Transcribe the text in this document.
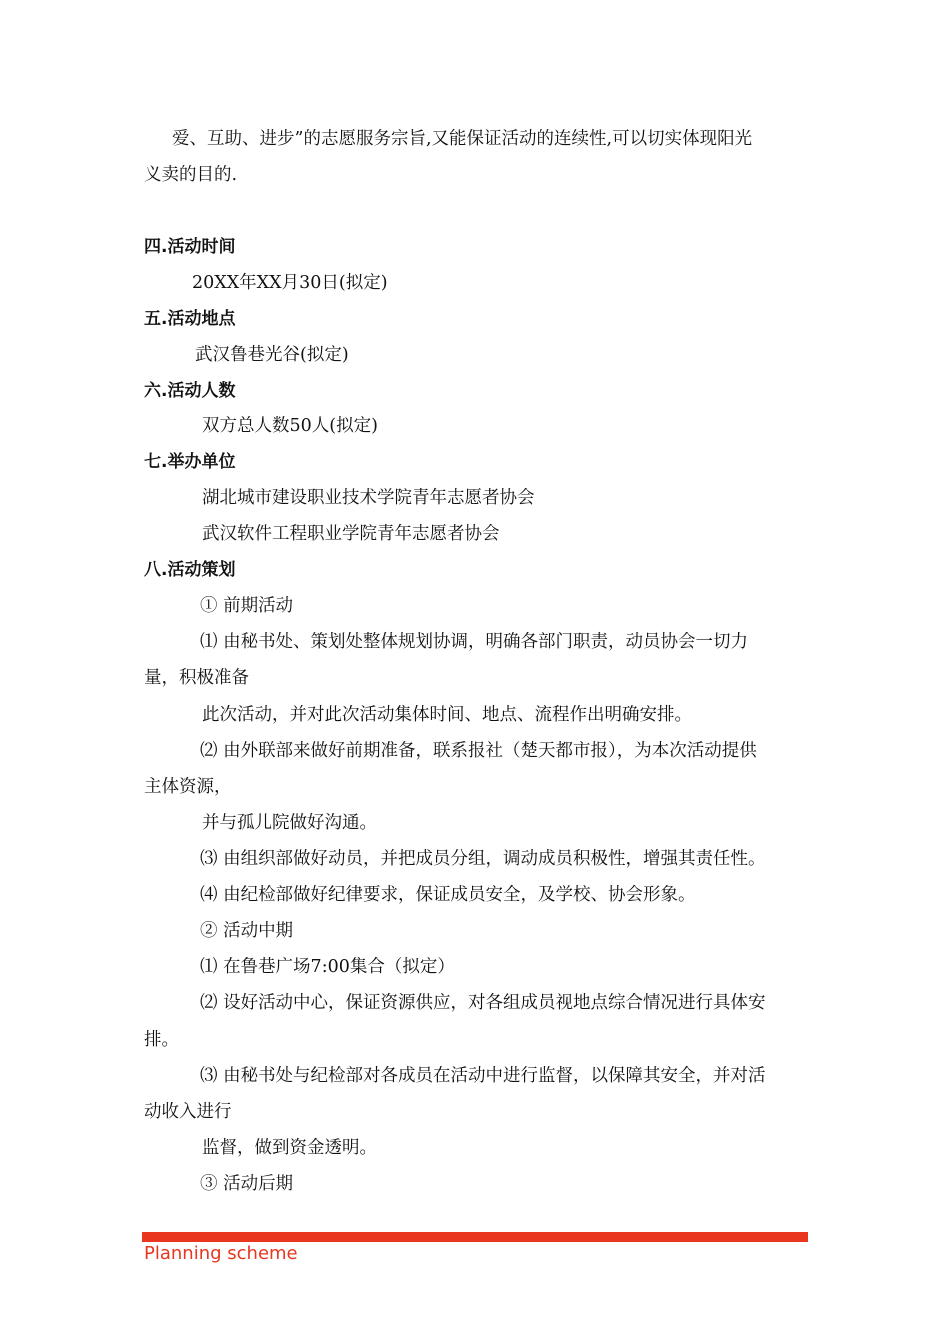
爱、互助、进步”的志愿服务宗旨,又能保证活动的连续性,可以切实体现阳光
义卖的目的.
四.活动时间
20XX年XX月30日(拟定)
五.活动地点
武汉鲁巷光谷(拟定)
六.活动人数
双方总人数50人(拟定)
七.举办单位
湖北城市建设职业技术学院青年志愿者协会
武汉软件工程职业学院青年志愿者协会
八.活动策划
① 前期活动
⑴ 由秘书处、策划处整体规划协调，明确各部门职责，动员协会一切力
量，积极准备
此次活动，并对此次活动集体时间、地点、流程作出明确安排。
⑵ 由外联部来做好前期准备，联系报社（楚天都市报），为本次活动提供
主体资源，
并与孤儿院做好沟通。
⑶ 由组织部做好动员，并把成员分组，调动成员积极性，增强其责任性。
⑷ 由纪检部做好纪律要求，保证成员安全，及学校、协会形象。
② 活动中期
⑴ 在鲁巷广场7:00集合（拟定）
⑵ 设好活动中心，保证资源供应，对各组成员视地点综合情况进行具体安
排。
⑶ 由秘书处与纪检部对各成员在活动中进行监督，以保障其安全，并对活
动收入进行
监督，做到资金透明。
③ 活动后期
Planning scheme
